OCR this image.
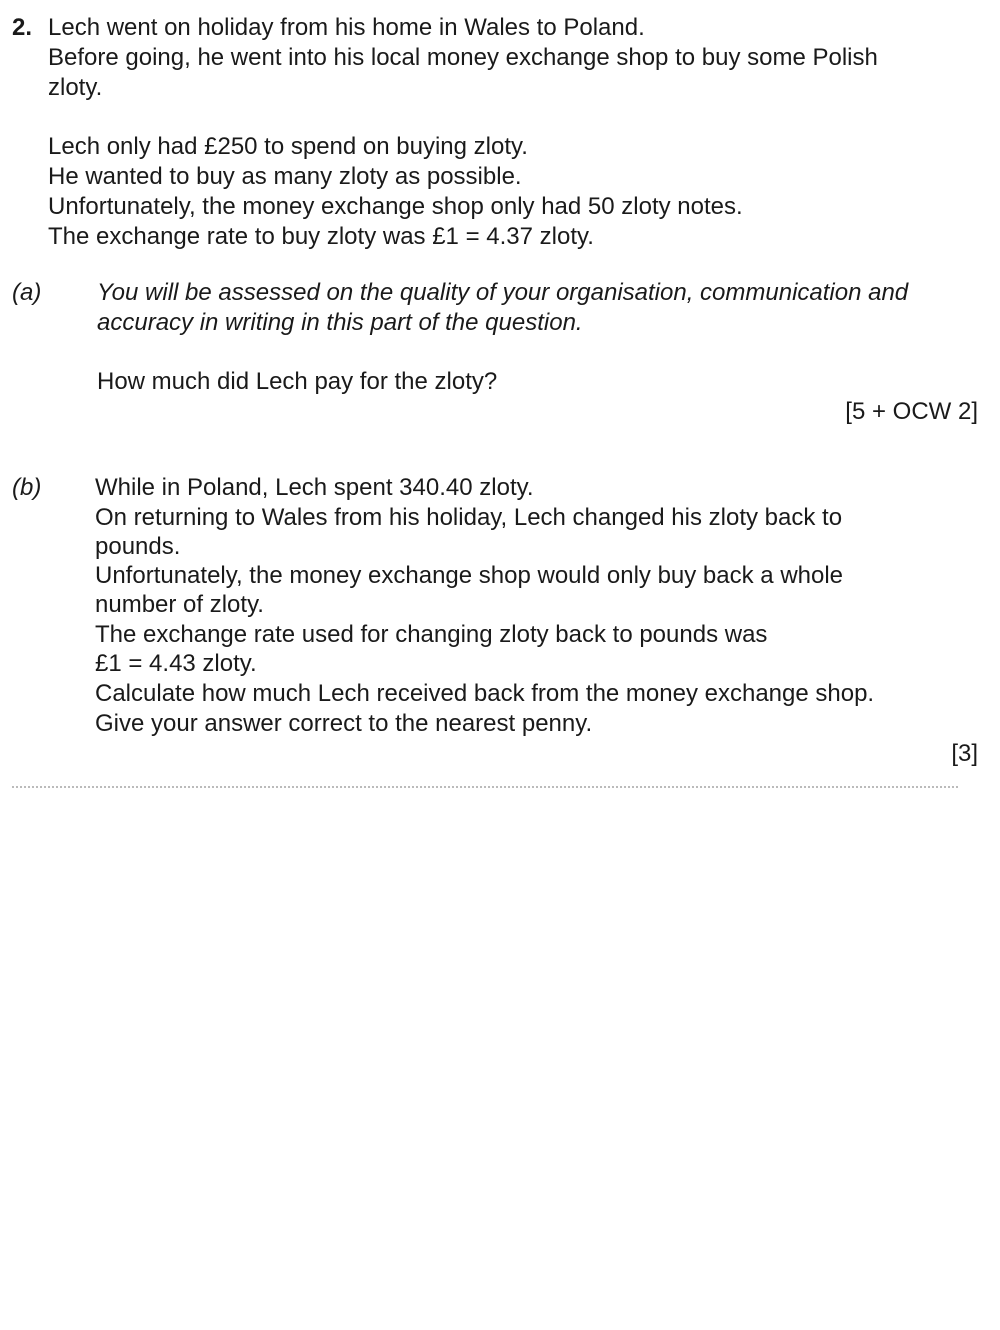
2. Lech went on holiday from his home in Wales to Poland.
Before going, he went into his local money exchange shop to buy some Polish
zloty.
Lech only had £250 to spend on buying zloty.
He wanted to buy as many zloty as possible.
Unfortunately, the money exchange shop only had 50 zloty notes.
The exchange rate to buy zloty was £1 = 4.37 zloty.
(a) You will be assessed on the quality of your organisation, communication and
accuracy in writing in this part of the question.
How much did Lech pay for the zloty?
[5 + OCW 2]
(b) While in Poland, Lech spent 340.40 zloty.
On returning to Wales from his holiday, Lech changed his zloty back to
pounds.
Unfortunately, the money exchange shop would only buy back a whole
number of zloty.
The exchange rate used for changing zloty back to pounds was
£1 = 4.43 zloty.
Calculate how much Lech received back from the money exchange shop.
Give your answer correct to the nearest penny.
[3]
